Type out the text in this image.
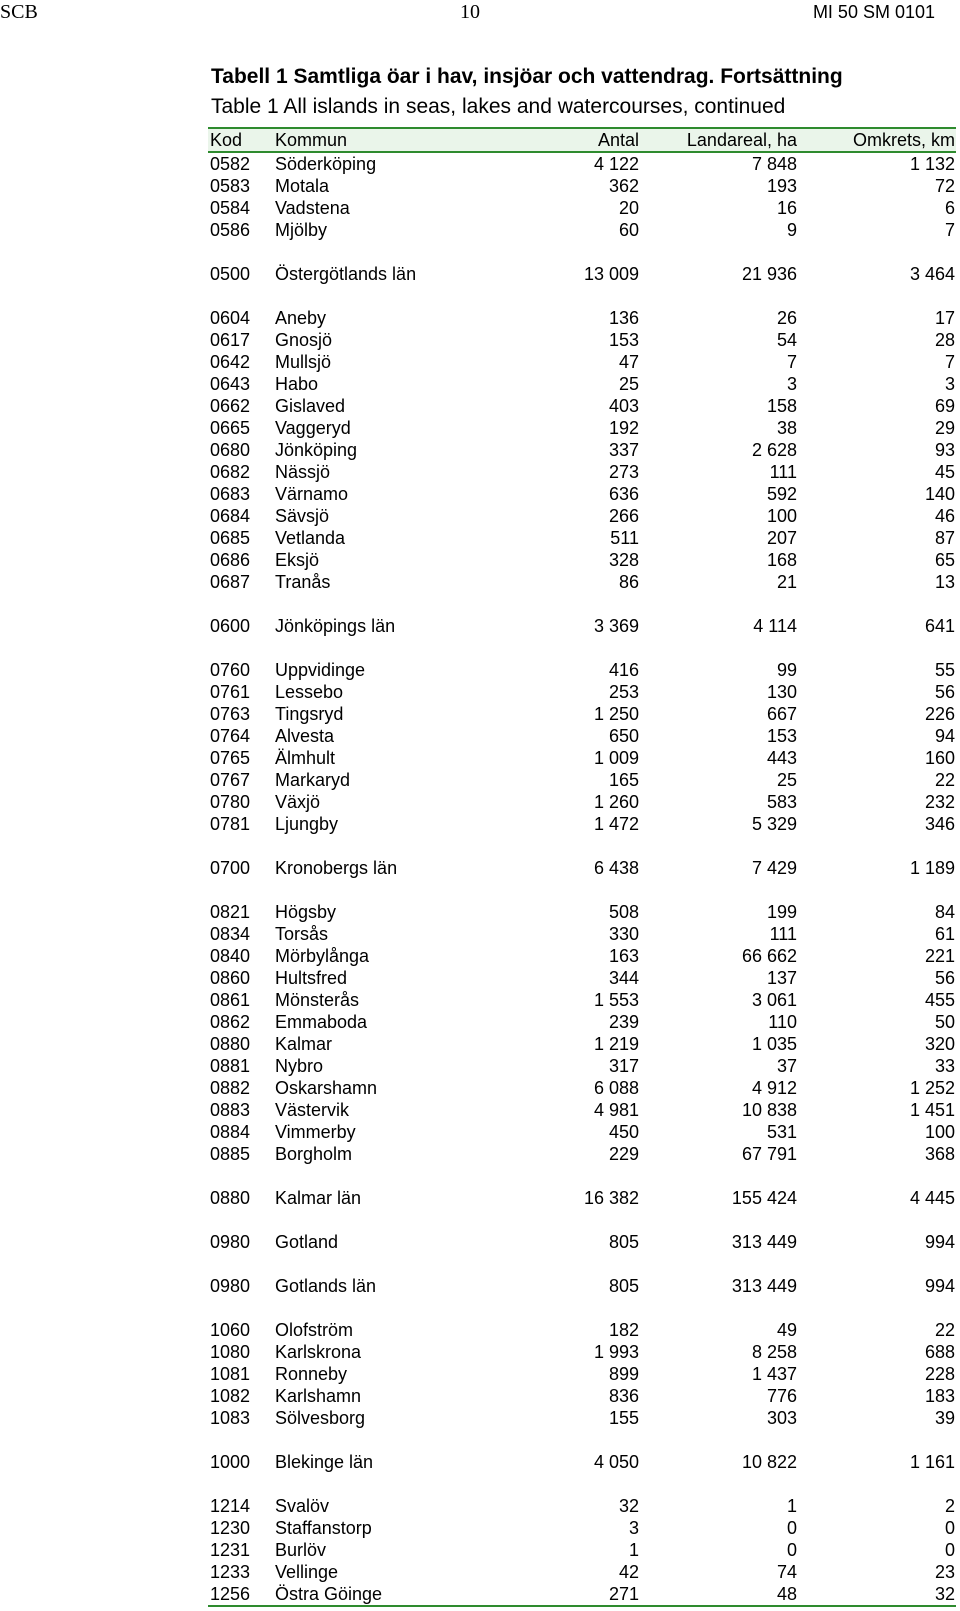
SCB	10	MI 50 SM 0101
Tabell 1 Samtliga öar i hav, insjöar och vattendrag. Fortsättning
Table 1 All islands in seas, lakes and watercourses, continued
Kod Kommun	Antal	Landareal, ha	Omkrets, km
0582 Söderköping	4 122	7 848	1 132
0583 Motala	362	193	72
0584 Vadstena	20	16	6
0586 Mjölby	60	9	7
0500 Östergötlands län	13 009	21 936	3 464
0604 Aneby	136	26	17
0617 Gnosjö	153	54	28
0642 Mullsjö	47	7	7
0643 Habo	25	3	3
0662 Gislaved	403	158	69
0665 Vaggeryd	192	38	29
0680 Jönköping	337	2 628	93
0682 Nässjö	273	111	45
0683 Värnamo	636	592	140
0684 Sävsjö	266	100	46
0685 Vetlanda	511	207	87
0686 Eksjö	328	168	65
0687 Tranås	86	21	13
0600 Jönköpings län	3 369	4 114	641
0760 Uppvidinge	416	99	55
0761 Lessebo	253	130	56
0763 Tingsryd	1 250	667	226
0764 Alvesta	650	153	94
0765 Älmhult	1 009	443	160
0767 Markaryd	165	25	22
0780 Växjö	1 260	583	232
0781 Ljungby	1 472	5 329	346
0700 Kronobergs län	6 438	7 429	1 189
0821 Högsby	508	199	84
0834 Torsås	330	111	61
0840 Mörbylånga	163	66 662	221
0860 Hultsfred	344	137	56
0861 Mönsterås	1 553	3 061	455
0862 Emmaboda	239	110	50
0880 Kalmar	1 219	1 035	320
0881 Nybro	317	37	33
0882 Oskarshamn	6 088	4 912	1 252
0883 Västervik	4 981	10 838	1 451
0884 Vimmerby	450	531	100
0885 Borgholm	229	67 791	368
0880 Kalmar län	16 382	155 424	4 445
0980 Gotland	805	313 449	994
0980 Gotlands län	805	313 449	994
1060 Olofström	182	49	22
1080 Karlskrona	1 993	8 258	688
1081 Ronneby	899	1 437	228
1082 Karlshamn	836	776	183
1083 Sölvesborg	155	303	39
1000 Blekinge län	4 050	10 822	1 161
1214 Svalöv	32	1	2
1230 Staffanstorp	3	0	0
1231 Burlöv	1	0	0
1233 Vellinge	42	74	23
1256 Östra Göinge	271	48	32
